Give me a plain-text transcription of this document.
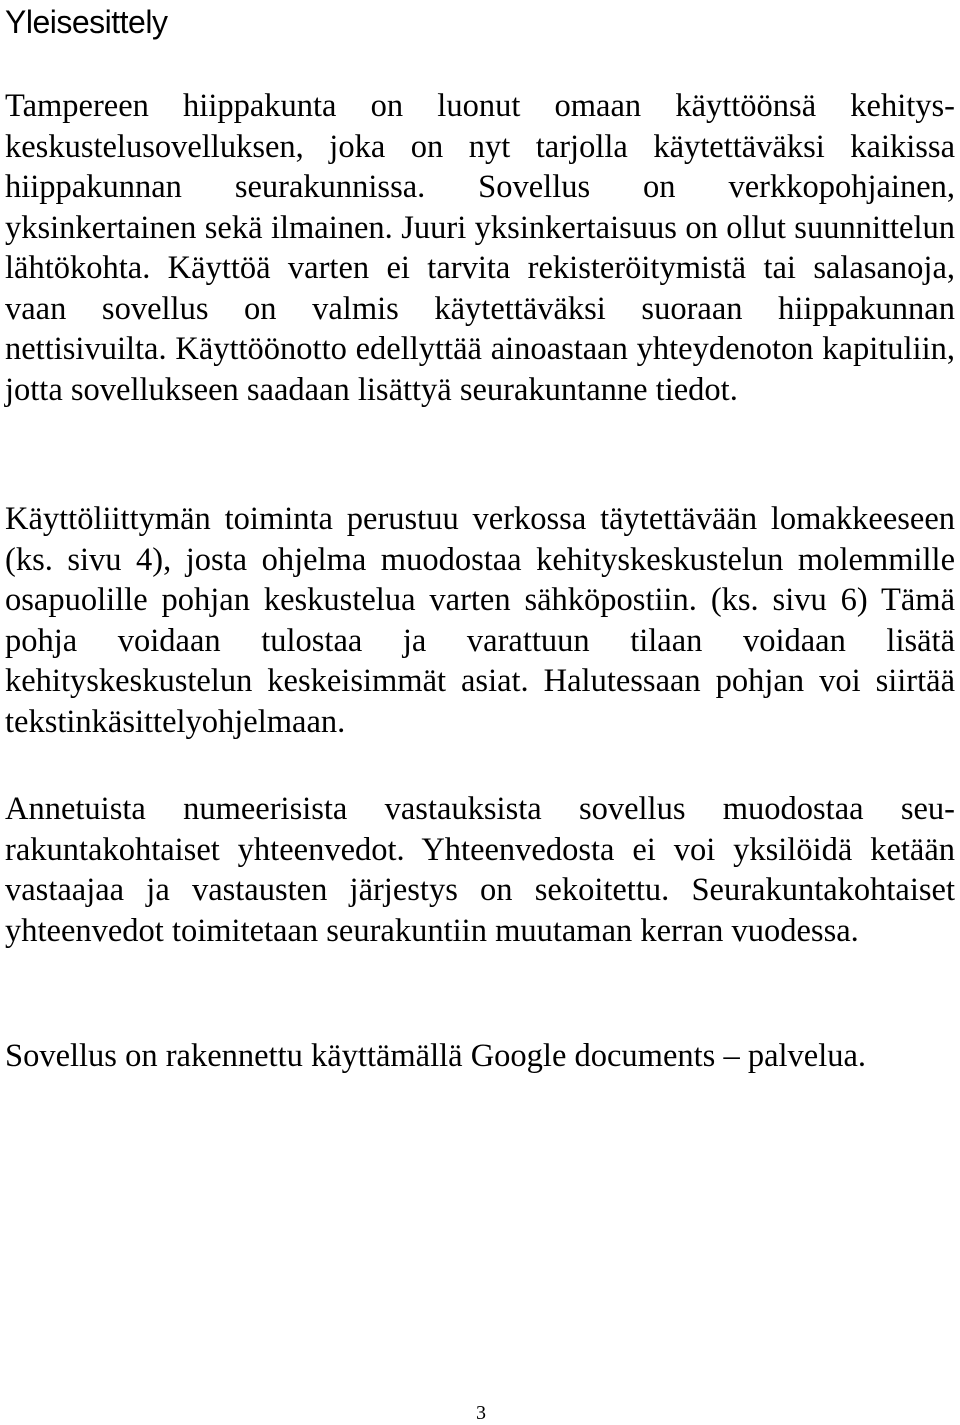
Yleisesittely

Tampereen hiippakunta on luonut omaan käyttöönsä kehityskeskustelusovelluksen, joka on nyt tarjolla käytettäväksi kaikissa hiippakunnan seurakunnissa. Sovellus on verkkopohjainen, yksinkertainen sekä ilmainen. Juuri yksinkertaisuus on ollut suunnittelun lähtökohta. Käyttöä varten ei tarvita rekisteröitymistä tai salasanoja, vaan sovellus on valmis käytettäväksi suoraan hiippakunnan nettisivuilta. Käyttöönotto edellyttää ainoastaan yhteydenoton kapituliin, jotta sovellukseen saadaan lisättyä seurakuntanne tiedot.

Käyttöliittymän toiminta perustuu verkossa täytettävään lomakkeeseen (ks. sivu 4), josta ohjelma muodostaa kehityskeskustelun molemmille osapuolille pohjan keskustelua varten sähköpostiin. (ks. sivu 6) Tämä pohja voidaan tulostaa ja varattuun tilaan voidaan lisätä kehityskeskustelun keskeisimmät asiat. Halutessaan pohjan voi siirtää tekstinkäsittelyohjelmaan.

Annetuista numeerisista vastauksista sovellus muodostaa seurakuntakohtaiset yhteenvedot. Yhteenvedosta ei voi yksilöidä ketään vastaajaa ja vastausten järjestys on sekoitettu. Seurakuntakohtaiset yhteenvedot toimitetaan seurakuntiin muutaman kerran vuodessa.

Sovellus on rakennettu käyttämällä Google documents – palvelua.

3
